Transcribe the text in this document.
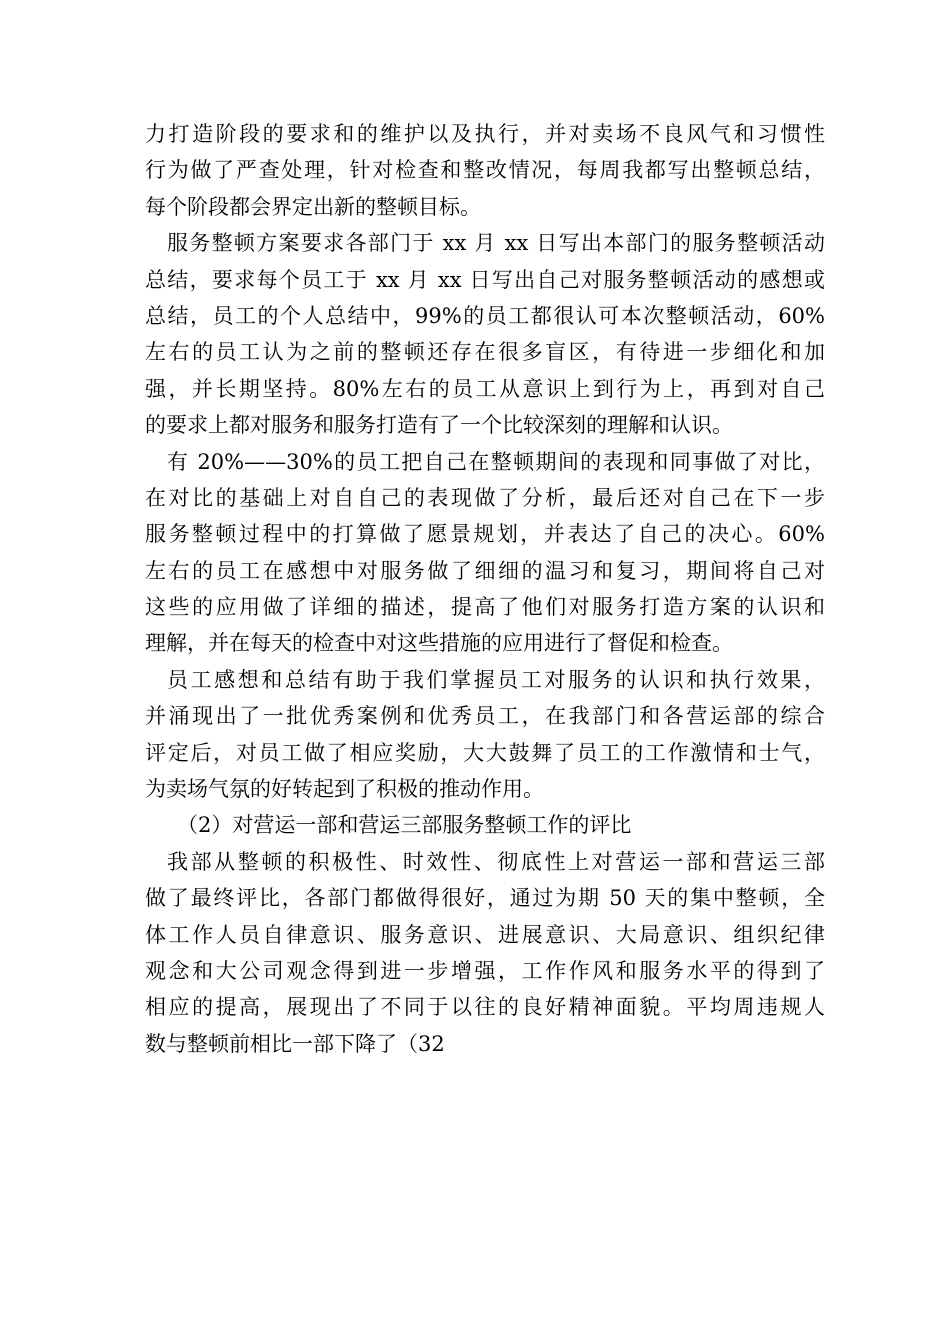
力打造阶段的要求和的维护以及执行，并对卖场不良风气和习惯性
行为做了严查处理，针对检查和整改情况，每周我都写出整顿总结，
每个阶段都会界定出新的整顿目标。
服务整顿方案要求各部门于 xx 月 xx 日写出本部门的服务整顿活动
总结，要求每个员工于 xx 月 xx 日写出自己对服务整顿活动的感想或
总结，员工的个人总结中，99%的员工都很认可本次整顿活动，60%
左右的员工认为之前的整顿还存在很多盲区，有待进一步细化和加
强，并长期坚持。80%左右的员工从意识上到行为上，再到对自己
的要求上都对服务和服务打造有了一个比较深刻的理解和认识。
有 20%——30%的员工把自己在整顿期间的表现和同事做了对比，
在对比的基础上对自自己的表现做了分析，最后还对自己在下一步
服务整顿过程中的打算做了愿景规划，并表达了自己的决心。60%
左右的员工在感想中对服务做了细细的温习和复习，期间将自己对
这些的应用做了详细的描述，提高了他们对服务打造方案的认识和
理解，并在每天的检查中对这些措施的应用进行了督促和检查。
员工感想和总结有助于我们掌握员工对服务的认识和执行效果，
并涌现出了一批优秀案例和优秀员工，在我部门和各营运部的综合
评定后，对员工做了相应奖励，大大鼓舞了员工的工作激情和士气，
为卖场气氛的好转起到了积极的推动作用。
（2）对营运一部和营运三部服务整顿工作的评比
我部从整顿的积极性、时效性、彻底性上对营运一部和营运三部
做了最终评比，各部门都做得很好，通过为期 50 天的集中整顿，全
体工作人员自律意识、服务意识、进展意识、大局意识、组织纪律
观念和大公司观念得到进一步增强，工作作风和服务水平的得到了
相应的提高，展现出了不同于以往的良好精神面貌。平均周违规人
数与整顿前相比一部下降了（32
